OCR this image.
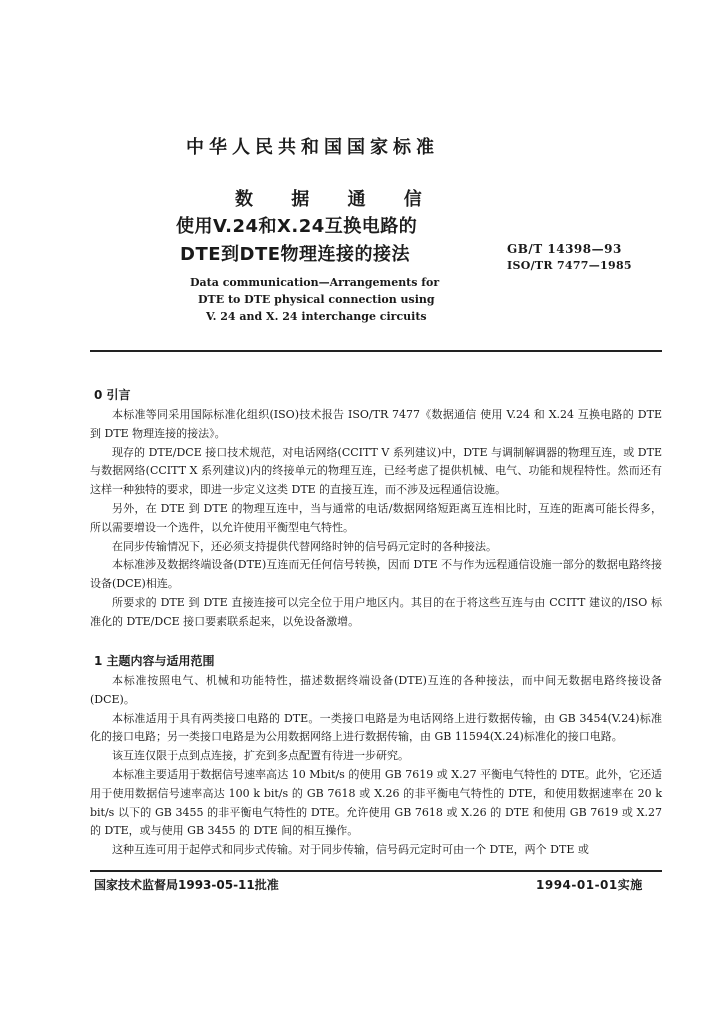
中华人民共和国国家标准
数 据 通 信
使用V.24和X.24互换电路的
DTE到DTE物理连接的接法	GB/T 14398—93
ISO/TR 7477—1985
Data communication—Arrangements for
DTE to DTE physical connection using
V. 24 and X. 24 interchange circuits
0 引言

本标准等同采用国际标准化组织(ISO)技术报告 ISO/TR 7477《数据通信 使用 V.24 和 X.24 互换电路的 DTE 到 DTE 物理连接的接法》。

现存的 DTE/DCE 接口技术规范，对电话网络(CCITT V 系列建议)中，DTE 与调制解调器的物理互连，或 DTE 与数据网络(CCITT X 系列建议)内的终接单元的物理互连，已经考虑了提供机械、电气、功能和规程特性。然而还有这样一种独特的要求，即进一步定义这类 DTE 的直接互连，而不涉及远程通信设施。

另外，在 DTE 到 DTE 的物理互连中，当与通常的电话/数据网络短距离互连相比时，互连的距离可能长得多，所以需要增设一个选件，以允许使用平衡型电气特性。

在同步传输情况下，还必须支持提供代替网络时钟的信号码元定时的各种接法。

本标准涉及数据终端设备(DTE)互连而无任何信号转换，因而 DTE 不与作为远程通信设施一部分的数据电路终接设备(DCE)相连。

所要求的 DTE 到 DTE 直接连接可以完全位于用户地区内。其目的在于将这些互连与由 CCITT 建议的/ISO 标准化的 DTE/DCE 接口要素联系起来，以免设备激增。

1 主题内容与适用范围

本标准按照电气、机械和功能特性，描述数据终端设备(DTE)互连的各种接法，而中间无数据电路终接设备(DCE)。

本标准适用于具有两类接口电路的 DTE。一类接口电路是为电话网络上进行数据传输，由 GB 3454(V.24)标准化的接口电路；另一类接口电路是为公用数据网络上进行数据传输，由 GB 11594(X.24)标准化的接口电路。

该互连仅限于点到点连接，扩充到多点配置有待进一步研究。

本标准主要适用于数据信号速率高达 10 Mbit/s 的使用 GB 7619 或 X.27 平衡电气特性的 DTE。此外，它还适用于使用数据信号速率高达 100 k bit/s 的 GB 7618 或 X.26 的非平衡电气特性的 DTE，和使用数据速率在 20 k bit/s 以下的 GB 3455 的非平衡电气特性的 DTE。允许使用 GB 7618 或 X.26 的 DTE 和使用 GB 7619 或 X.27 的 DTE，或与使用 GB 3455 的 DTE 间的相互操作。

这种互连可用于起停式和同步式传输。对于同步传输，信号码元定时可由一个 DTE，两个 DTE 或

国家技术监督局1993-05-11批准	1994-01-01实施
